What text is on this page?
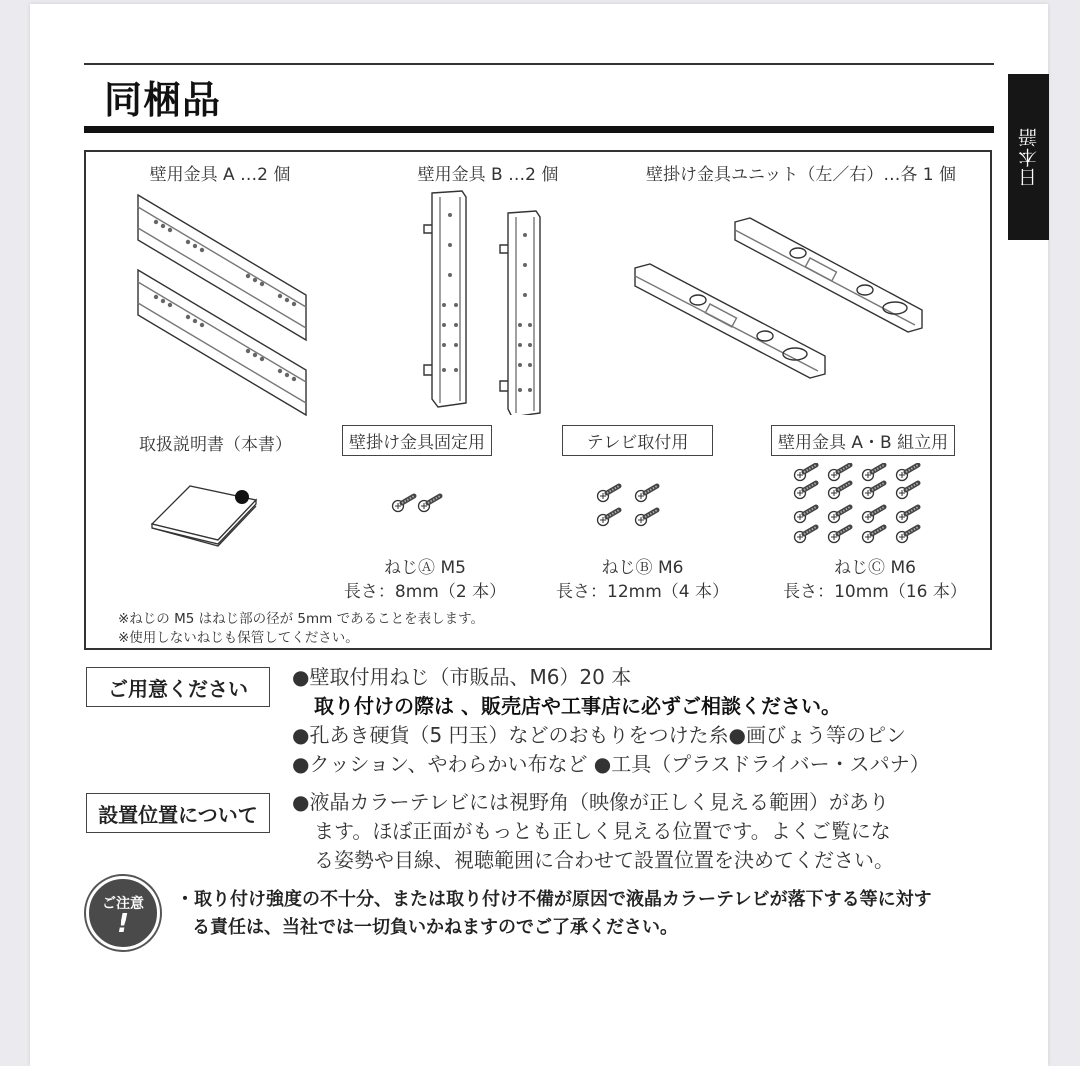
同梱品
日本語
壁用金具 A …2 個	壁用金具 B …2 個	壁掛け金具ユニット（左／右）…各 1 個
取扱説明書（本書）	壁掛け金具固定用	テレビ取付用	壁用金具 A・B 組立用
ねじⒶ M5
長さ：8mm（2 本）
ねじⒷ M6
長さ：12mm（4 本）
ねじⒸ M6
長さ：10mm（16 本）
※ねじの M5 はねじ部の径が 5mm であることを表します。
※使用しないねじも保管してください。
ご用意ください	●壁取付用ねじ（市販品、M6）20 本
取り付けの際は 、販売店や工事店に必ずご相談ください。
●孔あき硬貨（5 円玉）などのおもりをつけた糸●画びょう等のピン
●クッション、やわらかい布など ●工具（プラスドライバー・スパナ）
設置位置について
●液晶カラーテレビには視野角（映像が正しく見える範囲）があり
ます。ほぼ正面がもっとも正しく見える位置です。よくご覧にな
る姿勢や目線、視聴範囲に合わせて設置位置を決めてください。
ご注意
!
・取り付け強度の不十分、または取り付け不備が原因で液晶カラーテレビが落下する等に対す
る責任は、当社では一切負いかねますのでご了承ください。
